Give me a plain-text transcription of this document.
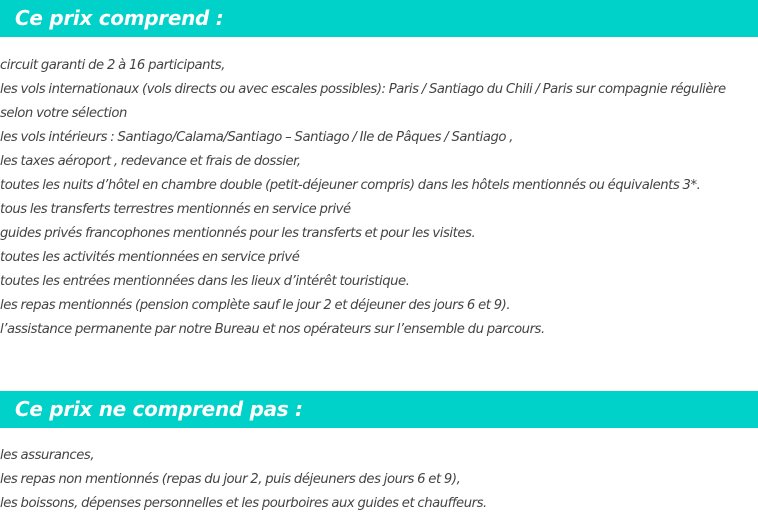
Ce prix comprend :
circuit garanti de 2 à 16 participants,
les vols internationaux (vols directs ou avec escales possibles): Paris / Santiago du Chili / Paris sur compagnie régulière
selon votre sélection
les vols intérieurs : Santiago/Calama/Santiago – Santiago / Ile de Pâques / Santiago ,
les taxes aéroport , redevance et frais de dossier,
toutes les nuits d’hôtel en chambre double (petit-déjeuner compris) dans les hôtels mentionnés ou équivalents 3*.
tous les transferts terrestres mentionnés en service privé
guides privés francophones mentionnés pour les transferts et pour les visites.
toutes les activités mentionnées en service privé
toutes les entrées mentionnées dans les lieux d’intérêt touristique.
les repas mentionnés (pension complète sauf le jour 2 et déjeuner des jours 6 et 9).
l’assistance permanente par notre Bureau et nos opérateurs sur l’ensemble du parcours.
Ce prix ne comprend pas :
les assurances,
les repas non mentionnés (repas du jour 2, puis déjeuners des jours 6 et 9),
les boissons, dépenses personnelles et les pourboires aux guides et chauffeurs.
